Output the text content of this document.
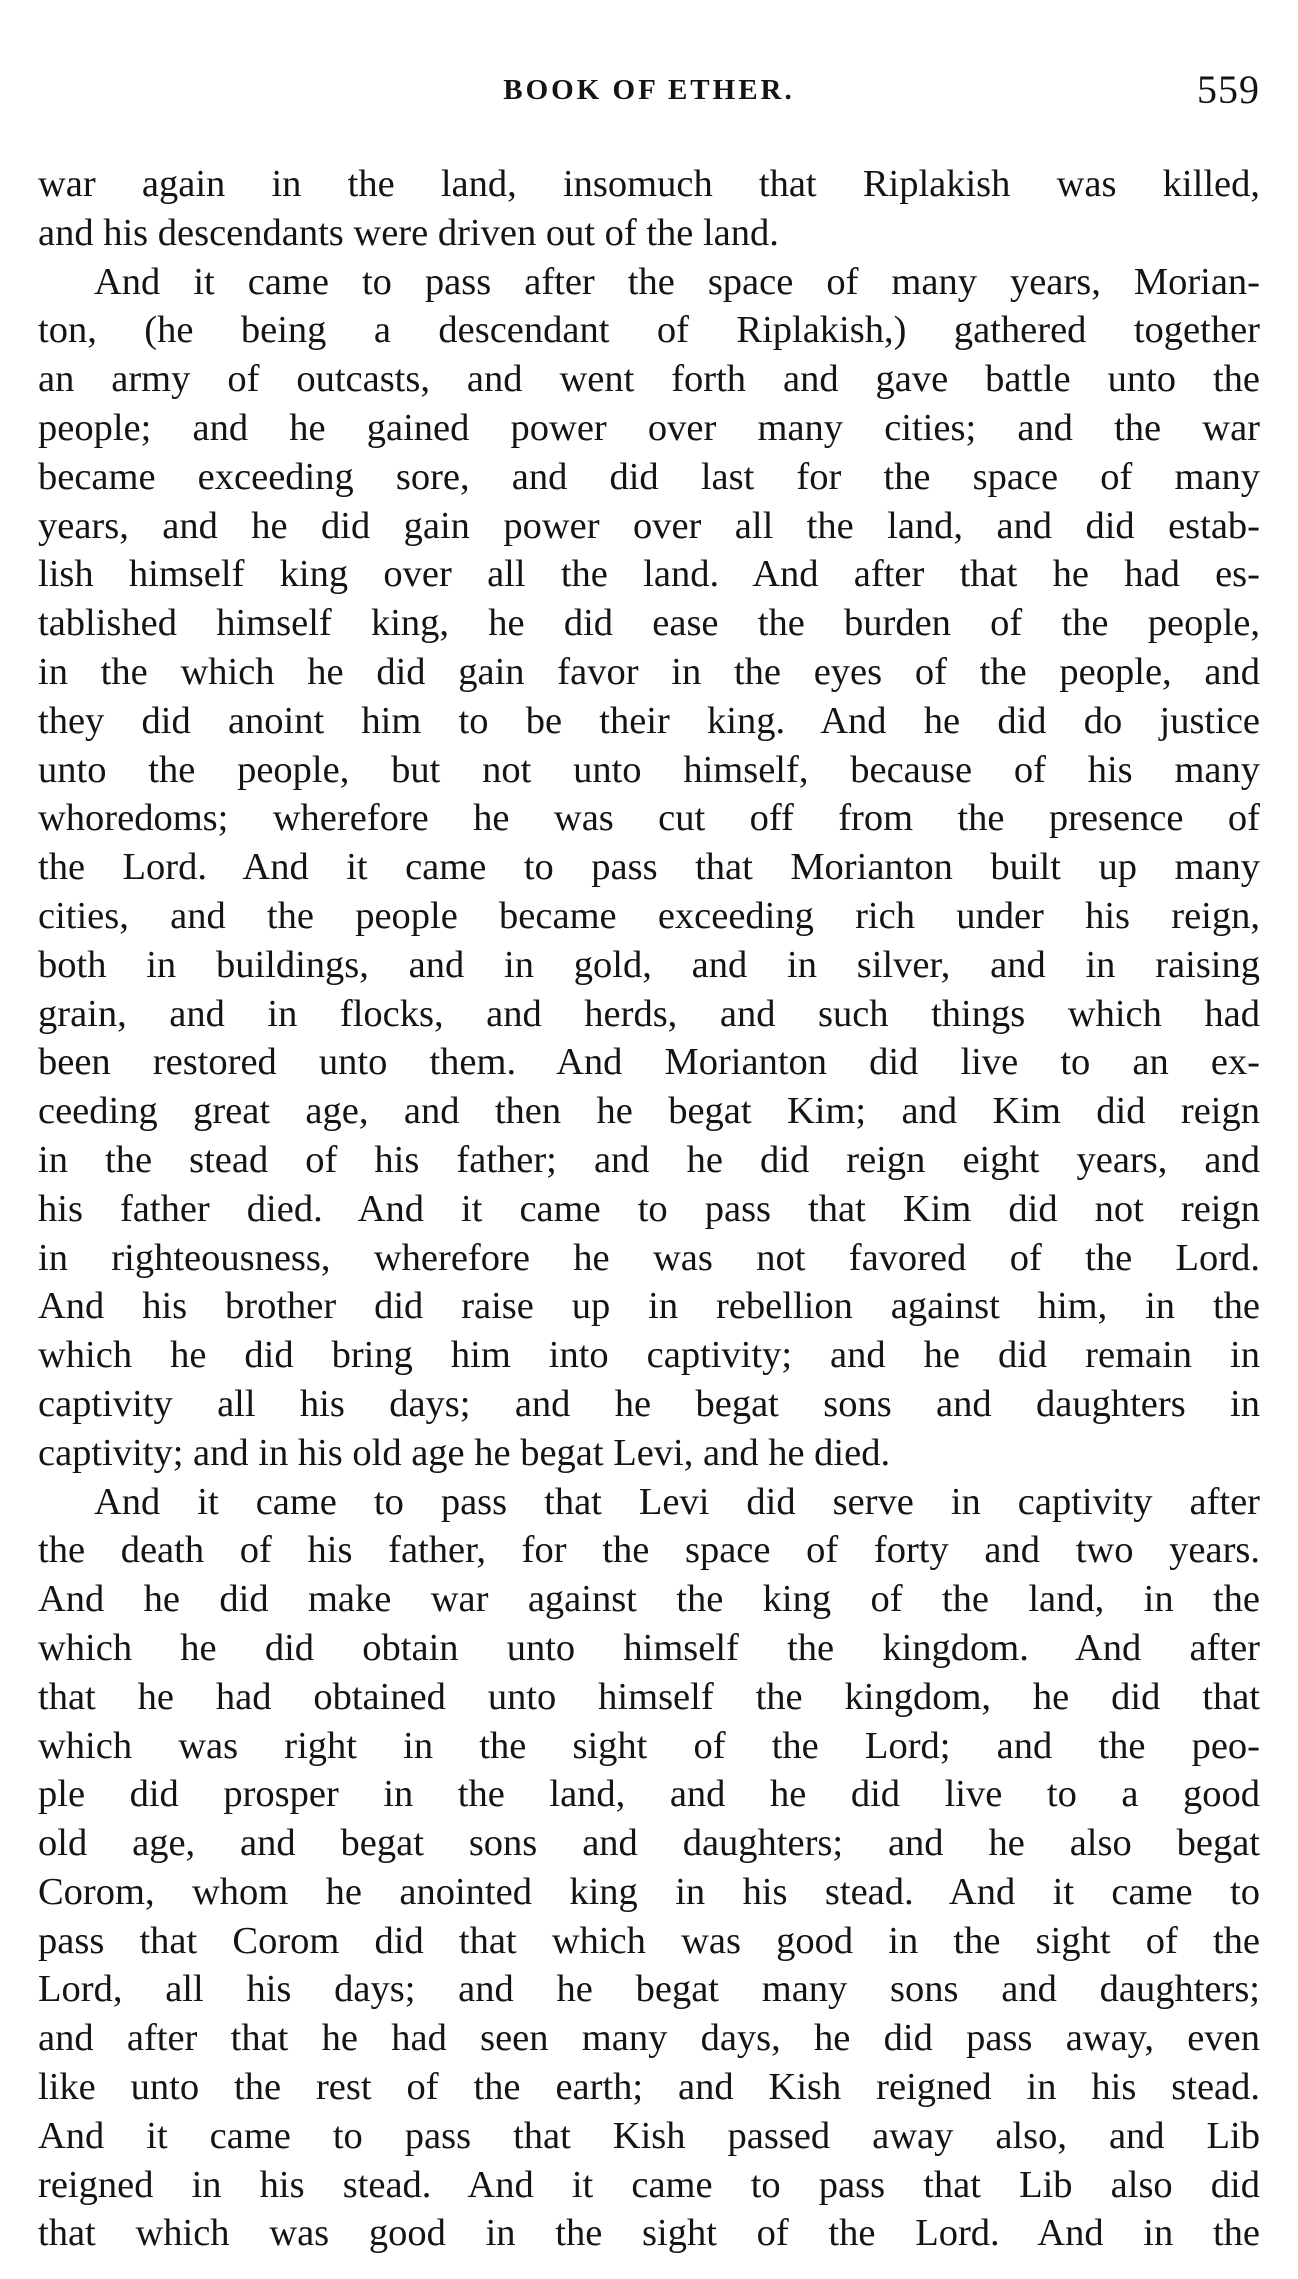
BOOK OF ETHER.	559
war again in the land, insomuch that Riplakish was killed,
and his descendants were driven out of the land.
And it came to pass after the space of many years, Morian-
ton, (he being a descendant of Riplakish,) gathered together
an army of outcasts, and went forth and gave battle unto the
people; and he gained power over many cities; and the war
became exceeding sore, and did last for the space of many
years, and he did gain power over all the land, and did estab-
lish himself king over all the land. And after that he had es-
tablished himself king, he did ease the burden of the people,
in the which he did gain favor in the eyes of the people, and
they did anoint him to be their king. And he did do justice
unto the people, but not unto himself, because of his many
whoredoms; wherefore he was cut off from the presence of
the Lord. And it came to pass that Morianton built up many
cities, and the people became exceeding rich under his reign,
both in buildings, and in gold, and in silver, and in raising
grain, and in flocks, and herds, and such things which had
been restored unto them. And Morianton did live to an ex-
ceeding great age, and then he begat Kim; and Kim did reign
in the stead of his father; and he did reign eight years, and
his father died. And it came to pass that Kim did not reign
in righteousness, wherefore he was not favored of the Lord.
And his brother did raise up in rebellion against him, in the
which he did bring him into captivity; and he did remain in
captivity all his days; and he begat sons and daughters in
captivity; and in his old age he begat Levi, and he died.
And it came to pass that Levi did serve in captivity after
the death of his father, for the space of forty and two years.
And he did make war against the king of the land, in the
which he did obtain unto himself the kingdom. And after
that he had obtained unto himself the kingdom, he did that
which was right in the sight of the Lord; and the peo-
ple did prosper in the land, and he did live to a good
old age, and begat sons and daughters; and he also begat
Corom, whom he anointed king in his stead. And it came to
pass that Corom did that which was good in the sight of the
Lord, all his days; and he begat many sons and daughters;
and after that he had seen many days, he did pass away, even
like unto the rest of the earth; and Kish reigned in his stead.
And it came to pass that Kish passed away also, and Lib
reigned in his stead. And it came to pass that Lib also did
that which was good in the sight of the Lord. And in the
